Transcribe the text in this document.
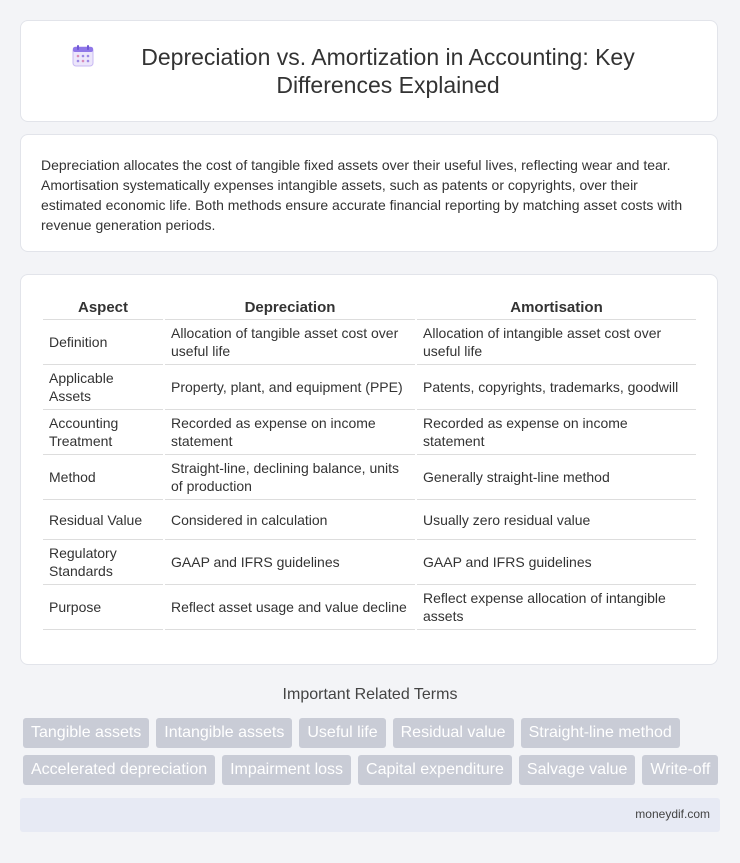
Depreciation vs. Amortization in Accounting: Key Differences Explained

Depreciation allocates the cost of tangible fixed assets over their useful lives, reflecting wear and tear. Amortisation systematically expenses intangible assets, such as patents or copyrights, over their estimated economic life. Both methods ensure accurate financial reporting by matching asset costs with revenue generation periods.

Aspect	Depreciation	Amortisation
Definition	Allocation of tangible asset cost over useful life	Allocation of intangible asset cost over useful life
Applicable Assets	Property, plant, and equipment (PPE)	Patents, copyrights, trademarks, goodwill
Accounting Treatment	Recorded as expense on income statement	Recorded as expense on income statement
Method	Straight-line, declining balance, units of production	Generally straight-line method
Residual Value	Considered in calculation	Usually zero residual value
Regulatory Standards	GAAP and IFRS guidelines	GAAP and IFRS guidelines
Purpose	Reflect asset usage and value decline	Reflect expense allocation of intangible assets
Important Related Terms
Tangible assets	Intangible assets	Useful life	Residual value	Straight-line method
Accelerated depreciation	Impairment loss	Capital expenditure	Salvage value	Write-off
moneydif.com
